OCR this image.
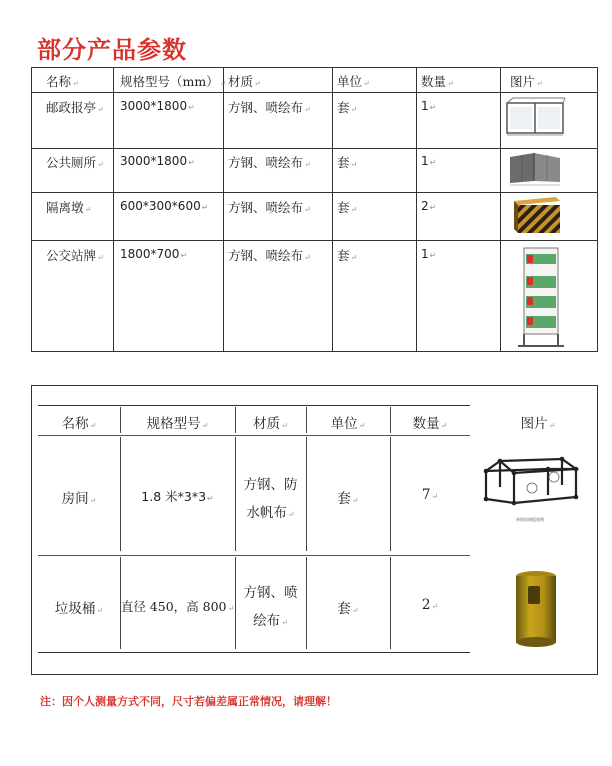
部分产品参数
名称↵	规格型号（mm）↵ 材质↵	单位↵	数量↵	图片↵
邮政报亭↵ 3000*1800↵	方钢、喷绘布↵ 套↵	1↵
公共厕所↵ 3000*1800↵	方钢、喷绘布↵ 套↵	1↵
隔离墩↵ 600*300*600↵ 方钢、喷绘布↵ 套↵	2↵
公交站牌↵ 1800*700↵	方钢、喷绘布↵ 套↵	1↵
名称↵	规格型号↵	材质↵	单位↵	数量↵	图片↵
房间↵	1.8 米*3*3↵
方钢、防
水帆布↵
套↵	7↵
垃圾桶↵	直径 450，高 800↵
方钢、喷
绘布↵
套↵	2↵
单间房间组装图
注：因个人测量方式不同，尺寸若偏差属正常情况，请理解！
